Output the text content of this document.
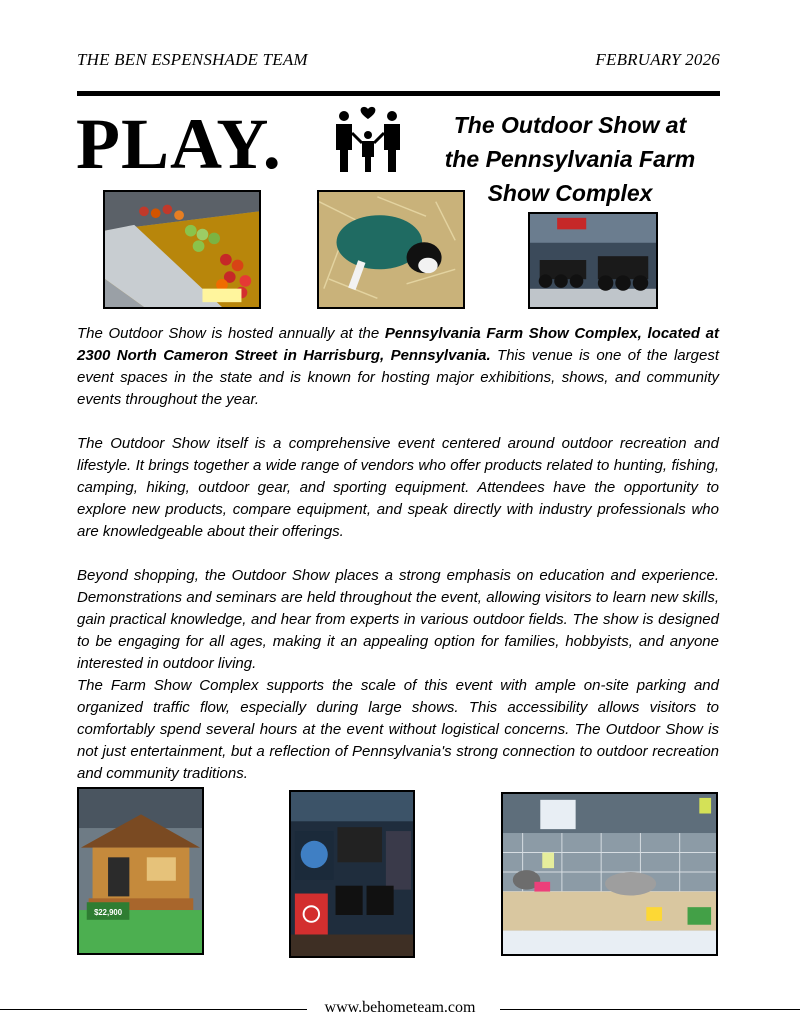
THE BEN ESPENSHADE TEAM	FEBRUARY 2026
PLAY.	The Outdoor Show at
the Pennsylvania Farm
Show Complex

The Outdoor Show is hosted annually at the Pennsylvania Farm Show Complex, located at 2300 North Cameron Street in Harrisburg, Pennsylvania. This venue is one of the largest event spaces in the state and is known for hosting major exhibitions, shows, and community events throughout the year.

The Outdoor Show itself is a comprehensive event centered around outdoor recreation and lifestyle. It brings together a wide range of vendors who offer products related to hunting, fishing, camping, hiking, outdoor gear, and sporting equipment. Attendees have the opportunity to explore new products, compare equipment, and speak directly with industry professionals who are knowledgeable about their offerings.

Beyond shopping, the Outdoor Show places a strong emphasis on education and experience. Demonstrations and seminars are held throughout the event, allowing visitors to learn new skills, gain practical knowledge, and hear from experts in various outdoor fields. The show is designed to be engaging for all ages, making it an appealing option for families, hobbyists, and anyone interested in outdoor living.

The Farm Show Complex supports the scale of this event with ample on-site parking and organized traffic flow, especially during large shows. This accessibility allows visitors to comfortably spend several hours at the event without logistical concerns. The Outdoor Show is not just entertainment, but a reflection of Pennsylvania's strong connection to outdoor recreation and community traditions.

$22,900
www.behometeam.com
